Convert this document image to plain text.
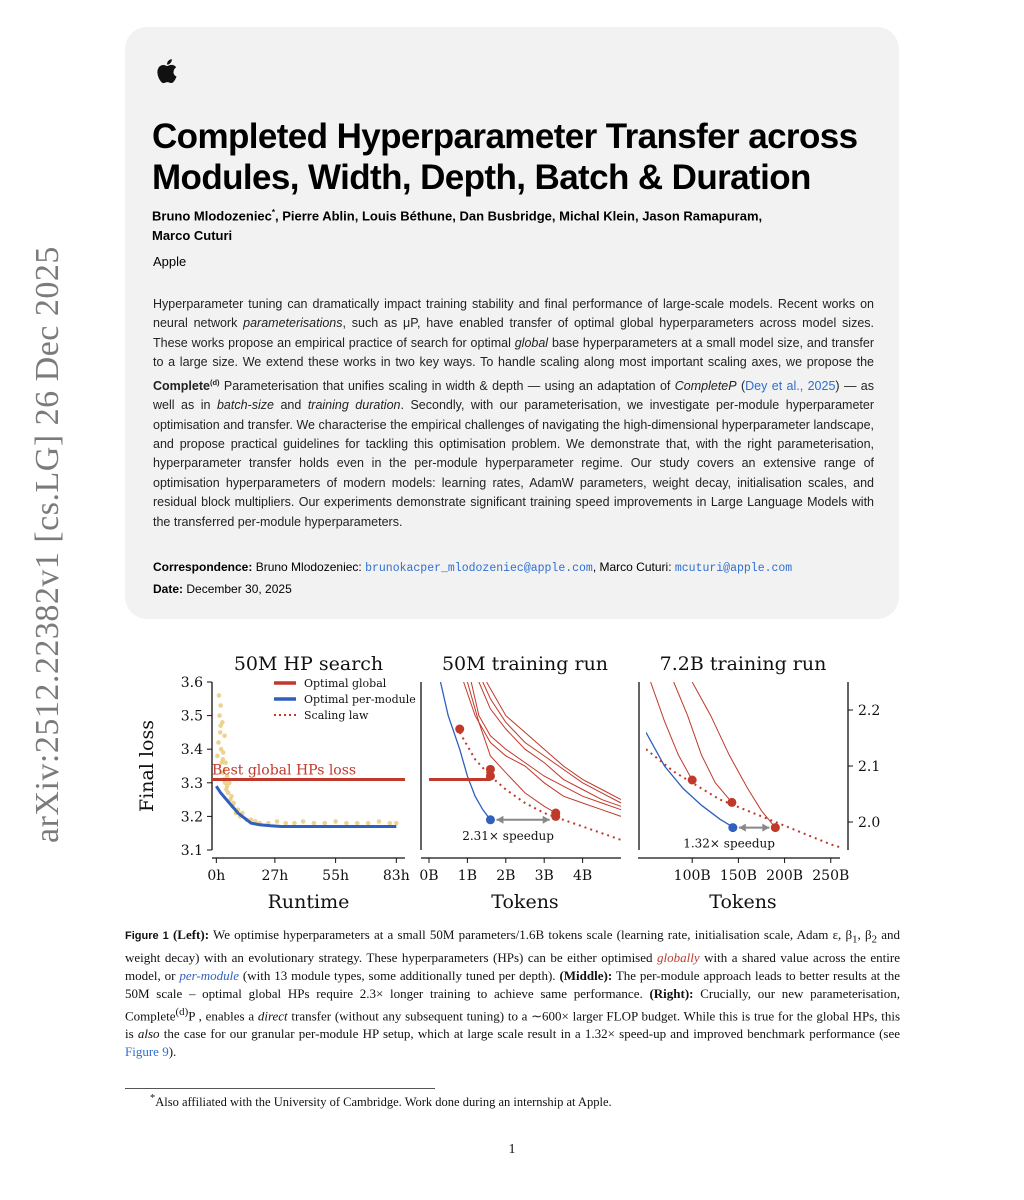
arXiv:2512.22382v1 [cs.LG] 26 Dec 2025
Completed Hyperparameter Transfer across
Modules, Width, Depth, Batch & Duration
Bruno Mlodozeniec*, Pierre Ablin, Louis Béthune, Dan Busbridge, Michal Klein, Jason Ramapuram,
Marco Cuturi
Apple
Hyperparameter tuning can dramatically impact training stability and final performance of large-scale models. Recent works on neural network parameterisations, such as μP, have enabled transfer of optimal global hyperparameters across model sizes. These works propose an empirical practice of search for optimal global base hyperparameters at a small model size, and transfer to a large size. We extend these works in two key ways. To handle scaling along most important scaling axes, we propose the Complete$^{(d)}$ Parameterisation that unifies scaling in width & depth — using an adaptation of CompleteP (Dey et al., 2025) — as well as in batch-size and training duration. Secondly, with our parameterisation, we investigate per-module hyperparameter optimisation and transfer. We characterise the empirical challenges of navigating the high-dimensional hyperparameter landscape, and propose practical guidelines for tackling this optimisation problem. We demonstrate that, with the right parameterisation, hyperparameter transfer holds even in the per-module hyperparameter regime. Our study covers an extensive range of optimisation hyperparameters of modern models: learning rates, AdamW parameters, weight decay, initialisation scales, and residual block multipliers. Our experiments demonstrate significant training speed improvements in Large Language Models with the transferred per-module hyperparameters.
Correspondence: Bruno Mlodozeniec: brunokacper_mlodozeniec@apple.com, Marco Cuturi: mcuturi@apple.com
Date: December 30, 2025
50M HP search
Runtime
0h	27h 55h 83h
3.1
3.2
3.3
3.4
3.5
3.6
Final loss	Best global HPs loss
Optimal global
Optimal per-module
Scaling law
50M training run
Tokens
0B 1B 2B 3B 4B
2.31× speedup
7.2B training run
Tokens
100B 150B 200B 250B
2.0
2.1
2.2
1.32× speedup
Figure 1 (Left): We optimise hyperparameters at a small 50M parameters/1.6B tokens scale (learning rate, initialisation scale, Adam ε, $\beta_1$, $\beta_2$ and weight decay) with an evolutionary strategy. These hyperparameters (HPs) can be either optimised globally with a shared value across the entire model, or per-module (with 13 module types, some additionally tuned per depth). (Middle): The per-module approach leads to better results at the 50M scale – optimal global HPs require 2.3× longer training to achieve same performance. (Right): Crucially, our new parameterisation, Complete$^{(d)}$P , enables a direct transfer (without any subsequent tuning) to a ∼600× larger FLOP budget. While this is true for the global HPs, this is also the case for our granular per-module HP setup, which at large scale result in a 1.32× speed-up and improved benchmark performance (see Figure 9).
*Also affiliated with the University of Cambridge. Work done during an internship at Apple.
1
